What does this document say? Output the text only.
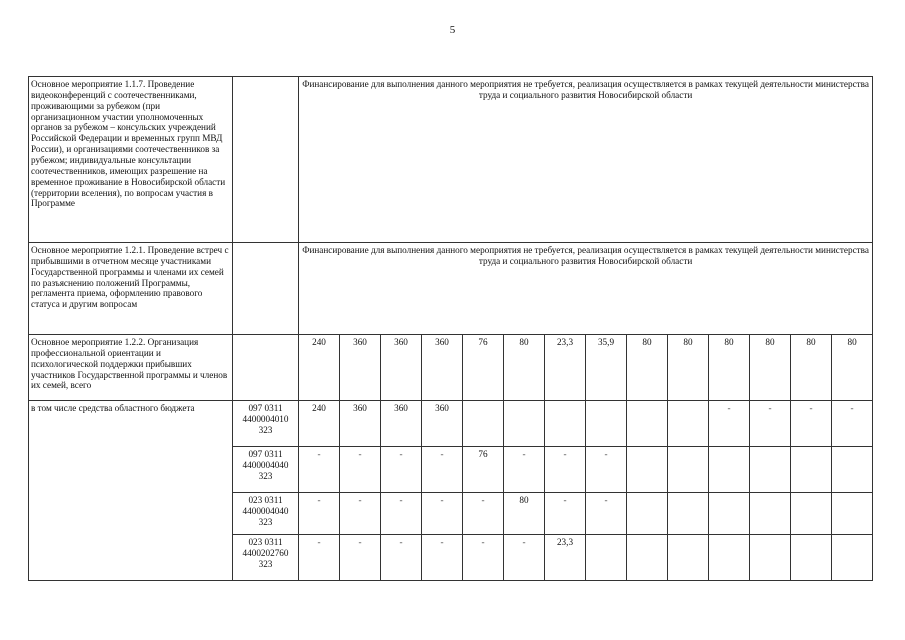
5
Основное мероприятие 1.1.7. Проведение видеоконференций с соотечественниками, проживающими за рубежом (при организационном участии уполномоченных органов за рубежом – консульских учреждений Российской Федерации и временных групп МВД России), и организациями соотечественников за рубежом; индивидуальные консультации соотечественников, имеющих разрешение на временное проживание в Новосибирской области (территории вселения), по вопросам участия в Программе		Финансирование для выполнения данного мероприятия не требуется, реализация осуществляется в рамках текущей деятельности министерства труда и социального развития Новосибирской области													
Основное мероприятие 1.2.1. Проведение встреч с прибывшими в отчетном месяце участниками Государственной программы и членами их семей по разъяснению положений Программы, регламента приема, оформлению правового статуса и другим вопросам		Финансирование для выполнения данного мероприятия не требуется, реализация осуществляется в рамках текущей деятельности министерства труда и социального развития Новосибирской области													
Основное мероприятие 1.2.2. Организация профессиональной ориентации и психологической поддержки прибывших участников Государственной программы и членов их семей, всего		240	360	360	360	76	80	23,3	35,9	80	80	80	80	80	80
в том числе средства областного бюджета	097 0311 4400004010 323	240	360	360	360							-	-	-	-
	097 0311 4400004040 323	-	-	-	-	76	-	-	-						
	023 0311 4400004040 323	-	-	-	-	-	80	-	-						
	023 0311 4400202760 323	-	-	-	-	-	-	23,3							
